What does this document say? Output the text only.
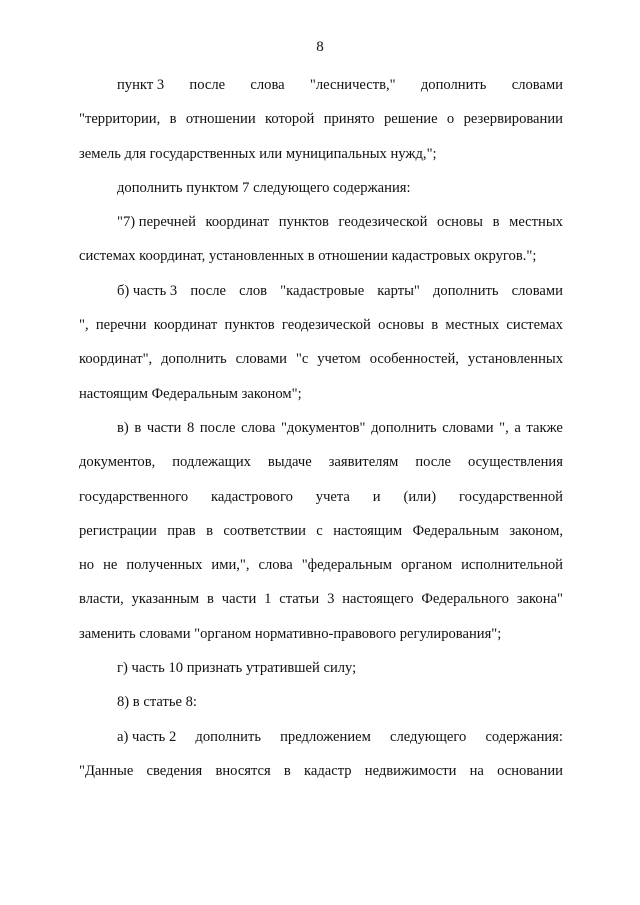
8
пункт 3 после слова "лесничеств," дополнить словами
"территории, в отношении которой принято решение о резервировании
земель для государственных или муниципальных нужд,";
дополнить пунктом 7 следующего содержания:
"7) перечней координат пунктов геодезической основы в местных
системах координат, установленных в отношении кадастровых округов.";
б) часть 3 после слов "кадастровые карты" дополнить словами
", перечни координат пунктов геодезической основы в местных системах
координат", дополнить словами "с учетом особенностей, установленных
настоящим Федеральным законом";
в) в части 8 после слова "документов" дополнить словами ", а также
документов, подлежащих выдаче заявителям после осуществления
государственного кадастрового учета и (или) государственной
регистрации прав в соответствии с настоящим Федеральным законом,
но не полученных ими,", слова "федеральным органом исполнительной
власти, указанным в части 1 статьи 3 настоящего Федерального закона"
заменить словами "органом нормативно-правового регулирования";
г) часть 10 признать утратившей силу;
8) в статье 8:
а) часть 2 дополнить предложением следующего содержания:
"Данные сведения вносятся в кадастр недвижимости на основании
